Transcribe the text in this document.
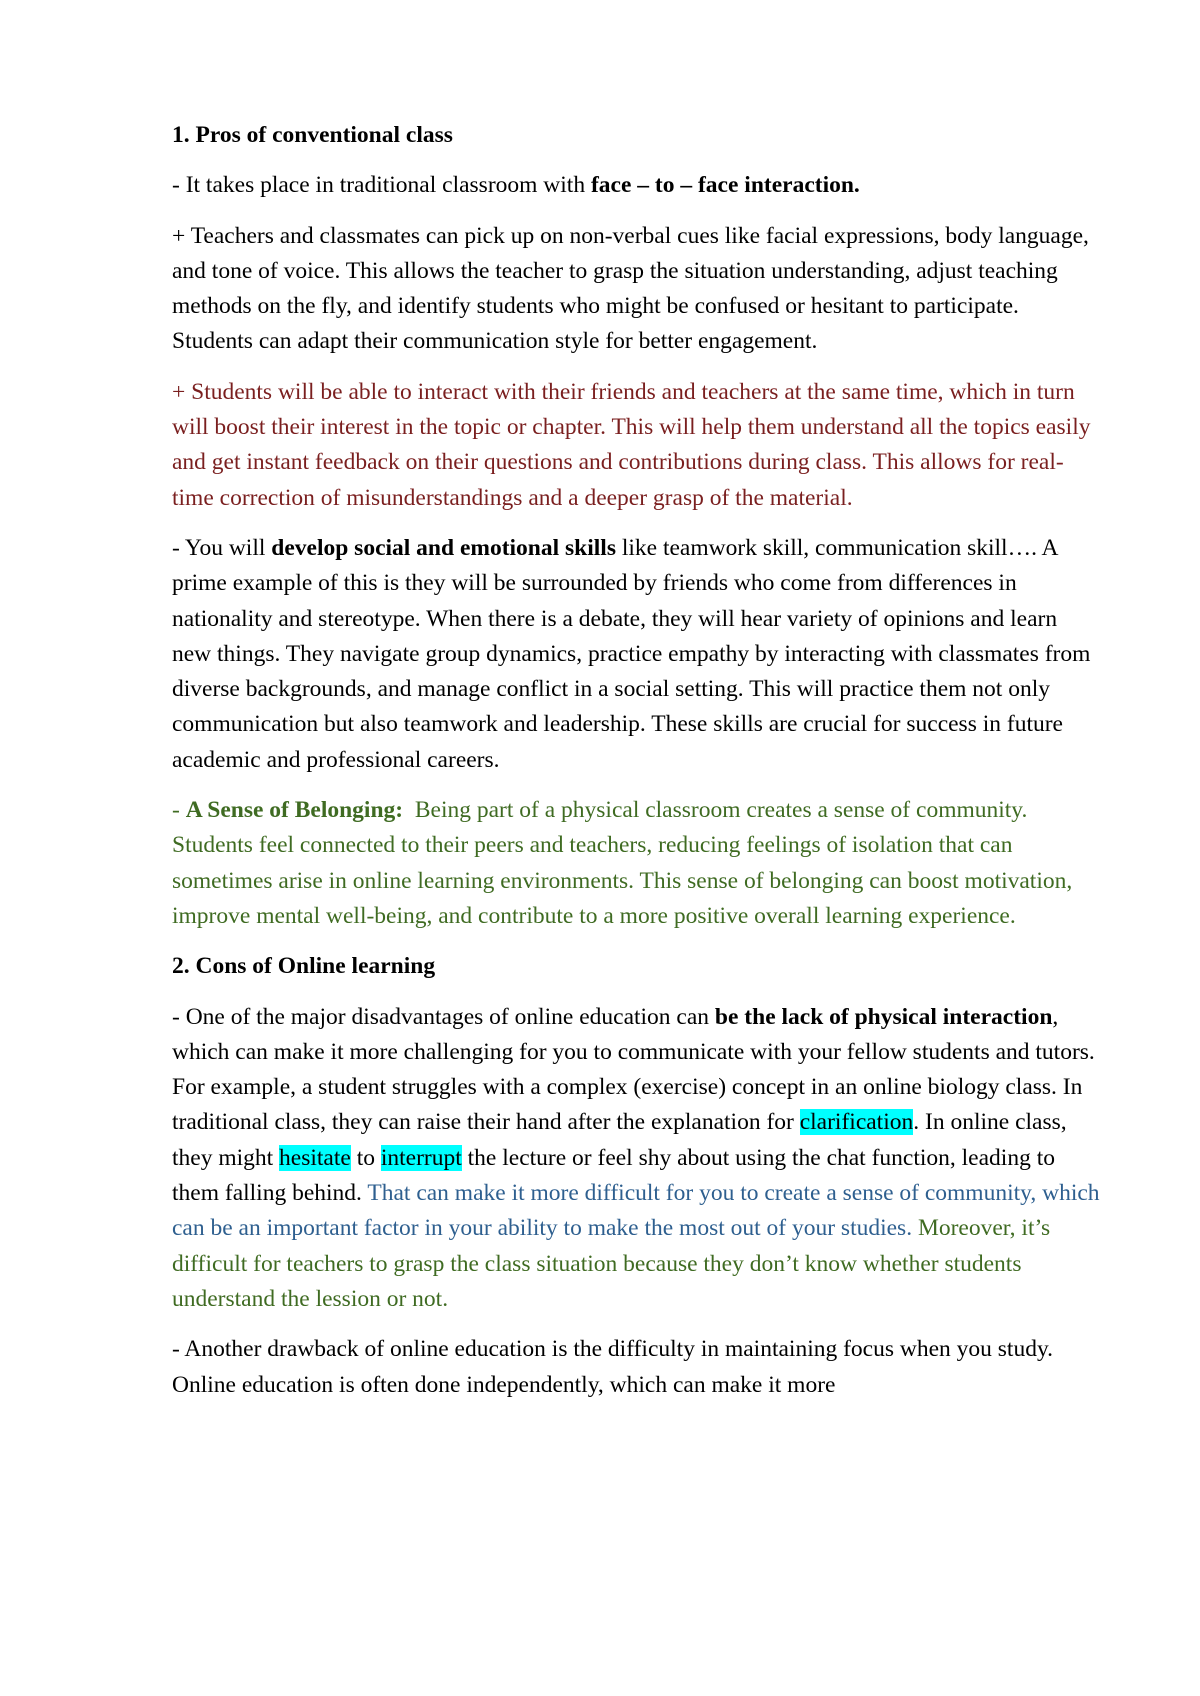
1. Pros of conventional class

- It takes place in traditional classroom with face – to – face interaction.

+ Teachers and classmates can pick up on non-verbal cues like facial expressions, body language, and tone of voice. This allows the teacher to grasp the situation understanding, adjust teaching methods on the fly, and identify students who might be confused or hesitant to participate. Students can adapt their communication style for better engagement.

+ Students will be able to interact with their friends and teachers at the same time, which in turn will boost their interest in the topic or chapter. This will help them understand all the topics easily and get instant feedback on their questions and contributions during class. This allows for real-time correction of misunderstandings and a deeper grasp of the material.

- You will develop social and emotional skills like teamwork skill, communication skill…. A prime example of this is they will be surrounded by friends who come from differences in nationality and stereotype. When there is a debate, they will hear variety of opinions and learn new things. They navigate group dynamics, practice empathy by interacting with classmates from diverse backgrounds, and manage conflict in a social setting. This will practice them not only communication but also teamwork and leadership. These skills are crucial for success in future academic and professional careers.

- A Sense of Belonging:  Being part of a physical classroom creates a sense of community. Students feel connected to their peers and teachers, reducing feelings of isolation that can sometimes arise in online learning environments. This sense of belonging can boost motivation, improve mental well-being, and contribute to a more positive overall learning experience.

2. Cons of Online learning

- One of the major disadvantages of online education can be the lack of physical interaction, which can make it more challenging for you to communicate with your fellow students and tutors. For example, a student struggles with a complex (exercise) concept in an online biology class. In traditional class, they can raise their hand after the explanation for clarification. In online class, they might hesitate to interrupt the lecture or feel shy about using the chat function, leading to them falling behind. That can make it more difficult for you to create a sense of community, which can be an important factor in your ability to make the most out of your studies. Moreover, it’s difficult for teachers to grasp the class situation because they don’t know whether students understand the lession or not.

- Another drawback of online education is the difficulty in maintaining focus when you study. Online education is often done independently, which can make it more
